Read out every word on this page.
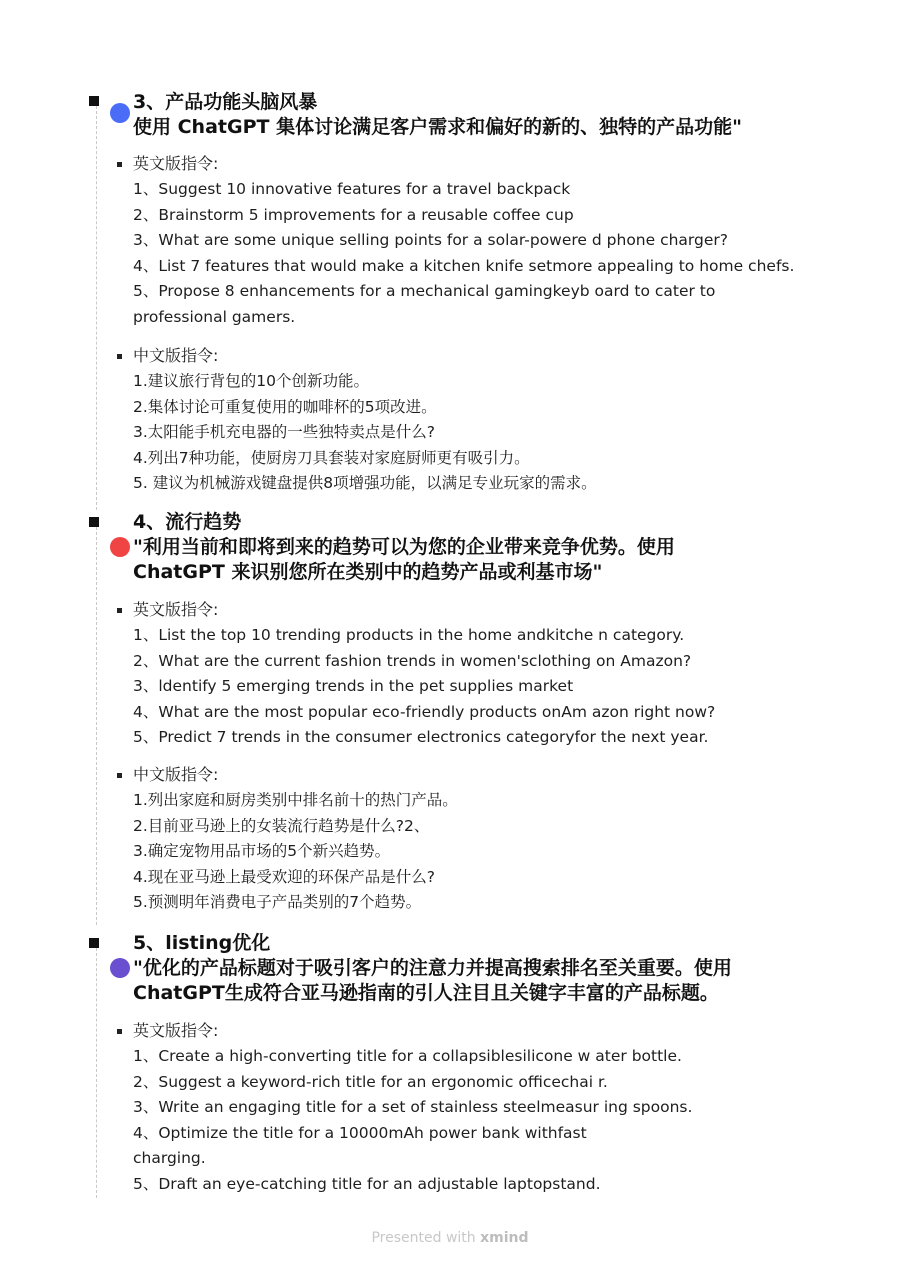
3、产品功能头脑风暴
使用 ChatGPT 集体讨论满足客户需求和偏好的新的、独特的产品功能"
英文版指令:
1、Suggest 10 innovative features for a travel backpack
2、Brainstorm 5 improvements for a reusable coffee cup
3、What are some unique selling points for a solar-powere d phone charger?
4、List 7 features that would make a kitchen knife setmore appealing to home chefs.
5、Propose 8 enhancements for a mechanical gamingkeyb oard to cater to
professional gamers.
中文版指令:
1.建议旅行背包的10个创新功能。
2.集体讨论可重复使用的咖啡杯的5项改进。
3.太阳能手机充电器的一些独特卖点是什么?
4.列出7种功能，使厨房刀具套装对家庭厨师更有吸引力。
5. 建议为机械游戏键盘提供8项增强功能，以满足专业玩家的需求。
4、流行趋势
"利用当前和即将到来的趋势可以为您的企业带来竞争优势。使用
ChatGPT 来识别您所在类别中的趋势产品或利基市场"
英文版指令:
1、List the top 10 trending products in the home andkitche n category.
2、What are the current fashion trends in women'sclothing on Amazon?
3、ldentify 5 emerging trends in the pet supplies market
4、What are the most popular eco-friendly products onAm azon right now?
5、Predict 7 trends in the consumer electronics categoryfor the next year.
中文版指令:
1.列出家庭和厨房类别中排名前十的热门产品。
2.目前亚马逊上的女装流行趋势是什么?2、
3.确定宠物用品市场的5个新兴趋势。
4.现在亚马逊上最受欢迎的环保产品是什么?
5.预测明年消费电子产品类别的7个趋势。
5、listing优化
"优化的产品标题对于吸引客户的注意力并提高搜索排名至关重要。使用
ChatGPT生成符合亚马逊指南的引人注目且关键字丰富的产品标题。
英文版指令:
1、Create a high-converting title for a collapsiblesilicone w ater bottle.
2、Suggest a keyword-rich title for an ergonomic officechai r.
3、Write an engaging title for a set of stainless steelmeasur ing spoons.
4、Optimize the title for a 10000mAh power bank withfast
charging.
5、Draft an eye-catching title for an adjustable laptopstand.
Presented with xmind
